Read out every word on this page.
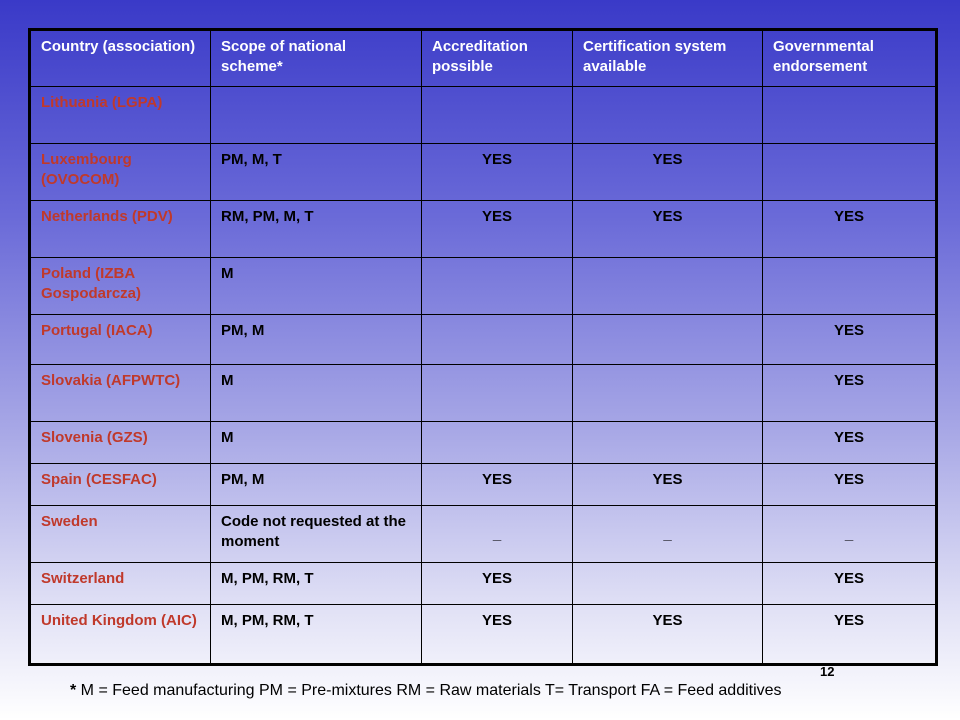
Country (association)	Scope of national scheme*	Accreditation possible	Certification system available	Governmental endorsement
Lithuania (LGPA)				
Luxembourg (OVOCOM)	PM, M, T	YES	YES	
Netherlands (PDV)	RM, PM, M, T	YES	YES	YES
Poland (IZBA Gospodarcza)	M			
Portugal (IACA)	PM, M			YES
Slovakia (AFPWTC)	M			YES
Slovenia (GZS)	M			YES
Spain (CESFAC)	PM, M	YES	YES	YES
Sweden	Code not requested at the moment	_	_	_
Switzerland	M, PM, RM, T	YES		YES
United Kingdom (AIC)	M, PM, RM, T	YES	YES	YES
12
* M = Feed manufacturing PM = Pre-mixtures RM = Raw materials T= Transport FA = Feed additives
